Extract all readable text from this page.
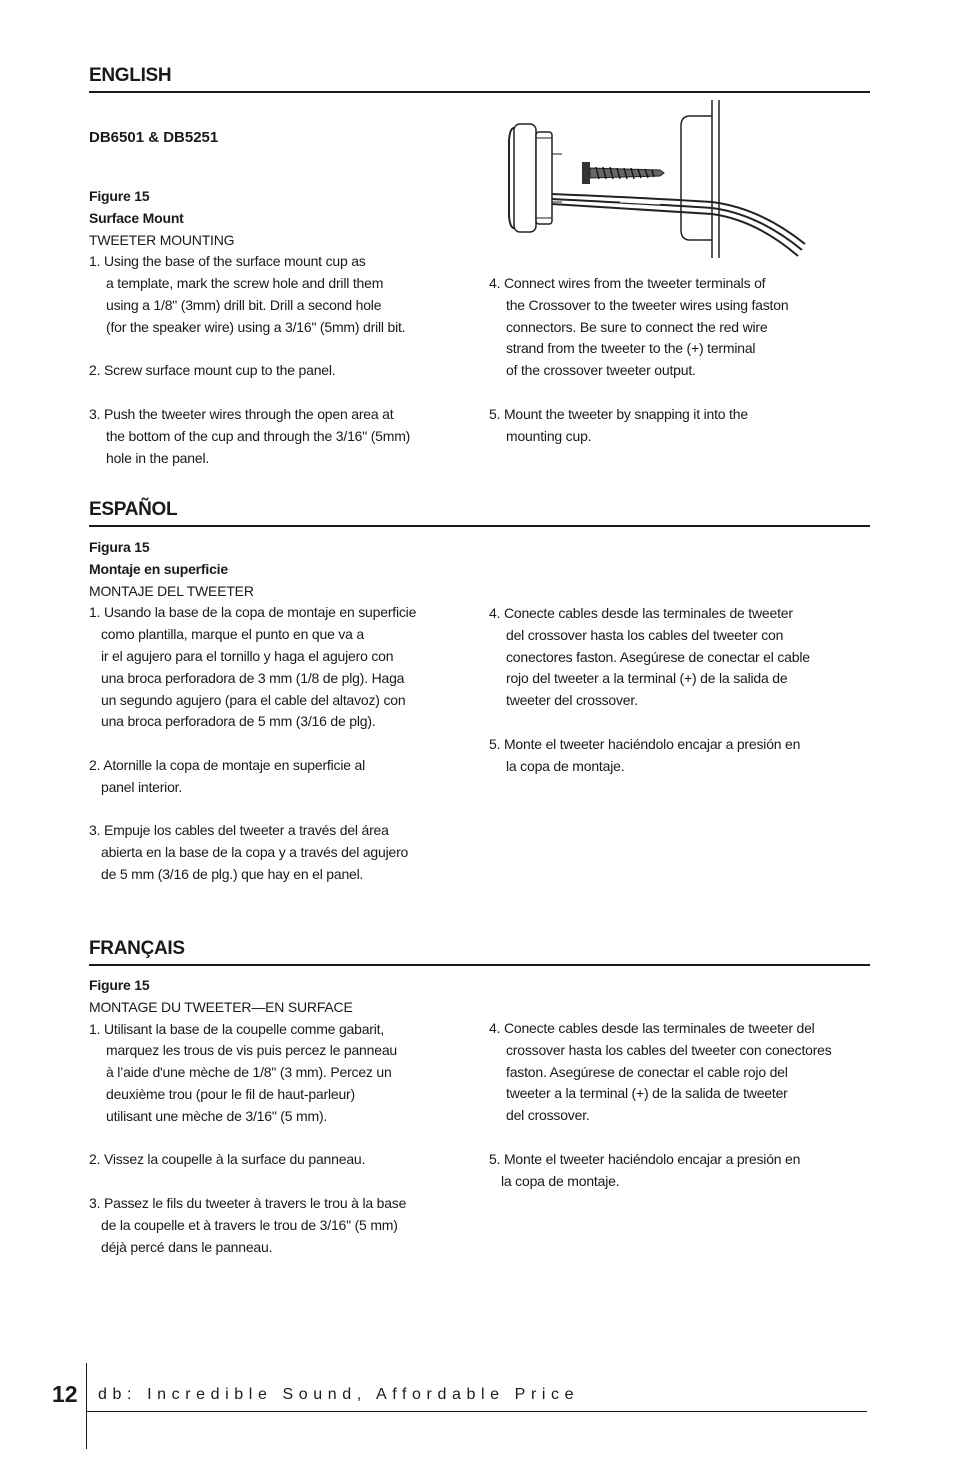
ENGLISH
DB6501 & DB5251
Figure 15
Surface Mount
TWEETER MOUNTING
1. Using the base of the surface mount cup as
a template, mark the screw hole and drill them
using a 1/8" (3mm) drill bit. Drill a second hole
(for the speaker wire) using a 3/16" (5mm) drill bit.
2. Screw surface mount cup to the panel.
3. Push the tweeter wires through the open area at
the bottom of the cup and through the 3/16" (5mm)
hole in the panel.
4. Connect wires from the tweeter terminals of
the Crossover to the tweeter wires using faston
connectors. Be sure to connect the red wire
strand from the tweeter to the (+) terminal
of the crossover tweeter output.
5. Mount the tweeter by snapping it into the
mounting cup.
ESPAÑOL
Figura 15
Montaje en superficie
MONTAJE DEL TWEETER
1. Usando la base de la copa de montaje en superficie
como plantilla, marque el punto en que va a
ir el agujero para el tornillo y haga el agujero con
una broca perforadora de 3 mm (1/8 de plg). Haga
un segundo agujero (para el cable del altavoz) con
una broca perforadora de 5 mm (3/16 de plg).
2. Atornille la copa de montaje en superficie al
panel interior.
3. Empuje los cables del tweeter a través del área
abierta en la base de la copa y a través del agujero
de 5 mm (3/16 de plg.) que hay en el panel.
4. Conecte cables desde las terminales de tweeter
del crossover hasta los cables del tweeter con
conectores faston. Asegúrese de conectar el cable
rojo del tweeter a la terminal (+) de la salida de
tweeter del crossover.
5. Monte el tweeter haciéndolo encajar a presión en
la copa de montaje.
FRANÇAIS
Figure 15
MONTAGE DU TWEETER—EN SURFACE
1. Utilisant la base de la coupelle comme gabarit,
marquez les trous de vis puis percez le panneau
à l’aide d'une mèche de 1/8" (3 mm). Percez un
deuxième trou (pour le fil de haut-parleur)
utilisant une mèche de 3/16" (5 mm).
2. Vissez la coupelle à la surface du panneau.
3. Passez le fils du tweeter à travers le trou à la base
de la coupelle et à travers le trou de 3/16" (5 mm)
déjà percé dans le panneau.
4. Conecte cables desde las terminales de tweeter del
crossover hasta los cables del tweeter con conectores
faston. Asegúrese de conectar el cable rojo del
tweeter a la terminal (+) de la salida de tweeter
del crossover.
5. Monte el tweeter haciéndolo encajar a presión en
la copa de montaje.
12 db: Incredible Sound, Affordable Price
